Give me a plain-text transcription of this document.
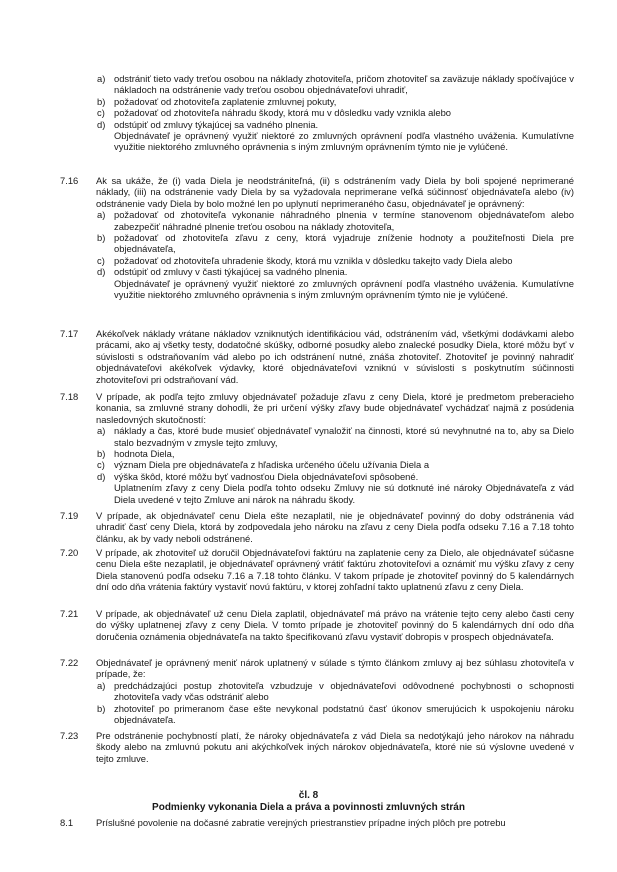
a) odstrániť tieto vady treťou osobou na náklady zhotoviteľa, pričom zhotoviteľ sa zaväzuje náklady spočívajúce v nákladoch na odstránenie vady treťou osobou objednávateľovi uhradiť,

b) požadovať od zhotoviteľa zaplatenie zmluvnej pokuty,

c) požadovať od zhotoviteľa náhradu škody, ktorá mu v dôsledku vady vznikla alebo

d) odstúpiť od zmluvy týkajúcej sa vadného plnenia.

Objednávateľ je oprávnený využiť niektoré zo zmluvných oprávnení podľa vlastného uváženia. Kumulatívne využitie niektorého zmluvného oprávnenia s iným zmluvným oprávnením týmto nie je vylúčené.

7.16	Ak sa ukáže, že (i) vada Diela je neodstrániteľná, (ii) s odstránením vady Diela by boli spojené neprimerané náklady, (iii) na odstránenie vady Diela by sa vyžadovala neprimerane veľká súčinnosť objednávateľa alebo (iv) odstránenie vady Diela by bolo možné len po uplynutí neprimeraného času, objednávateľ je oprávnený:

a) požadovať od zhotoviteľa vykonanie náhradného plnenia v termíne stanovenom objednávateľom alebo zabezpečiť náhradné plnenie treťou osobou na náklady zhotoviteľa,

b) požadovať od zhotoviteľa zľavu z ceny, ktorá vyjadruje zníženie hodnoty a použiteľnosti Diela pre objednávateľa,

c) požadovať od zhotoviteľa uhradenie škody, ktorá mu vznikla v dôsledku takejto vady Diela alebo

d) odstúpiť od zmluvy v časti týkajúcej sa vadného plnenia.

Objednávateľ je oprávnený využiť niektoré zo zmluvných oprávnení podľa vlastného uváženia. Kumulatívne využitie niektorého zmluvného oprávnenia s iným zmluvným oprávnením týmto nie je vylúčené.

7.17	Akékoľvek náklady vrátane nákladov vzniknutých identifikáciou vád, odstránením vád, všetkými dodávkami alebo prácami, ako aj všetky testy, dodatočné skúšky, odborné posudky alebo znalecké posudky Diela, ktoré môžu byť v súvislosti s odstraňovaním vád alebo po ich odstránení nutné, znáša zhotoviteľ. Zhotoviteľ je povinný nahradiť objednávateľovi akékoľvek výdavky, ktoré objednávateľovi vzniknú v súvislosti s poskytnutím súčinnosti zhotoviteľovi pri odstraňovaní vád.

7.18	V prípade, ak podľa tejto zmluvy objednávateľ požaduje zľavu z ceny Diela, ktoré je predmetom preberacieho konania, sa zmluvné strany dohodli, že pri určení výšky zľavy bude objednávateľ vychádzať najmä z posúdenia nasledovných skutočností:

a) náklady a čas, ktoré bude musieť objednávateľ vynaložiť na činnosti, ktoré sú nevyhnutné na to, aby sa Dielo stalo bezvadným v zmysle tejto zmluvy,

b) hodnota Diela,

c) význam Diela pre objednávateľa z hľadiska určeného účelu užívania Diela a

d) výška škôd, ktoré môžu byť vadnosťou Diela objednávateľovi spôsobené.

Uplatnením zľavy z ceny Diela podľa tohto odseku Zmluvy nie sú dotknuté iné nároky Objednávateľa z vád Diela uvedené v tejto Zmluve ani nárok na náhradu škody.

7.19	V prípade, ak objednávateľ cenu Diela ešte nezaplatil, nie je objednávateľ povinný do doby odstránenia vád uhradiť časť ceny Diela, ktorá by zodpovedala jeho nároku na zľavu z ceny Diela podľa odseku 7.16 a 7.18 tohto článku, ak by vady neboli odstránené.

7.20	V prípade, ak zhotoviteľ už doručil Objednávateľovi faktúru na zaplatenie ceny za Dielo, ale objednávateľ súčasne cenu Diela ešte nezaplatil, je objednávateľ oprávnený vrátiť faktúru zhotoviteľovi a oznámiť mu výšku zľavy z ceny Diela stanovenú podľa odseku 7.16 a 7.18 tohto článku. V takom prípade je zhotoviteľ povinný do 5 kalendárnych dní odo dňa vrátenia faktúry vystaviť novú faktúru, v ktorej zohľadní takto uplatnenú zľavu z ceny Diela.

7.21	V prípade, ak objednávateľ už cenu Diela zaplatil, objednávateľ má právo na vrátenie tejto ceny alebo časti ceny do výšky uplatnenej zľavy z ceny Diela. V tomto prípade je zhotoviteľ povinný do 5 kalendárnych dní odo dňa doručenia oznámenia objednávateľa na takto špecifikovanú zľavu vystaviť dobropis v prospech objednávateľa.

7.22	Objednávateľ je oprávnený meniť nárok uplatnený v súlade s týmto článkom zmluvy aj bez súhlasu zhotoviteľa v prípade, že:

a) predchádzajúci postup zhotoviteľa vzbudzuje v objednávateľovi odôvodnené pochybnosti o schopnosti zhotoviteľa vady včas odstrániť alebo

b) zhotoviteľ po primeranom čase ešte nevykonal podstatnú časť úkonov smerujúcich k uspokojeniu nároku objednávateľa.

7.23	Pre odstránenie pochybností platí, že nároky objednávateľa z vád Diela sa nedotýkajú jeho nárokov na náhradu škody alebo na zmluvnú pokutu ani akýchkoľvek iných nárokov objednávateľa, ktoré nie sú výslovne uvedené v tejto zmluve.

čl. 8
Podmienky vykonania Diela a práva a povinnosti zmluvných strán
8.1	Príslušné povolenie na dočasné zabratie verejných priestranstiev prípadne iných plôch pre potrebu
